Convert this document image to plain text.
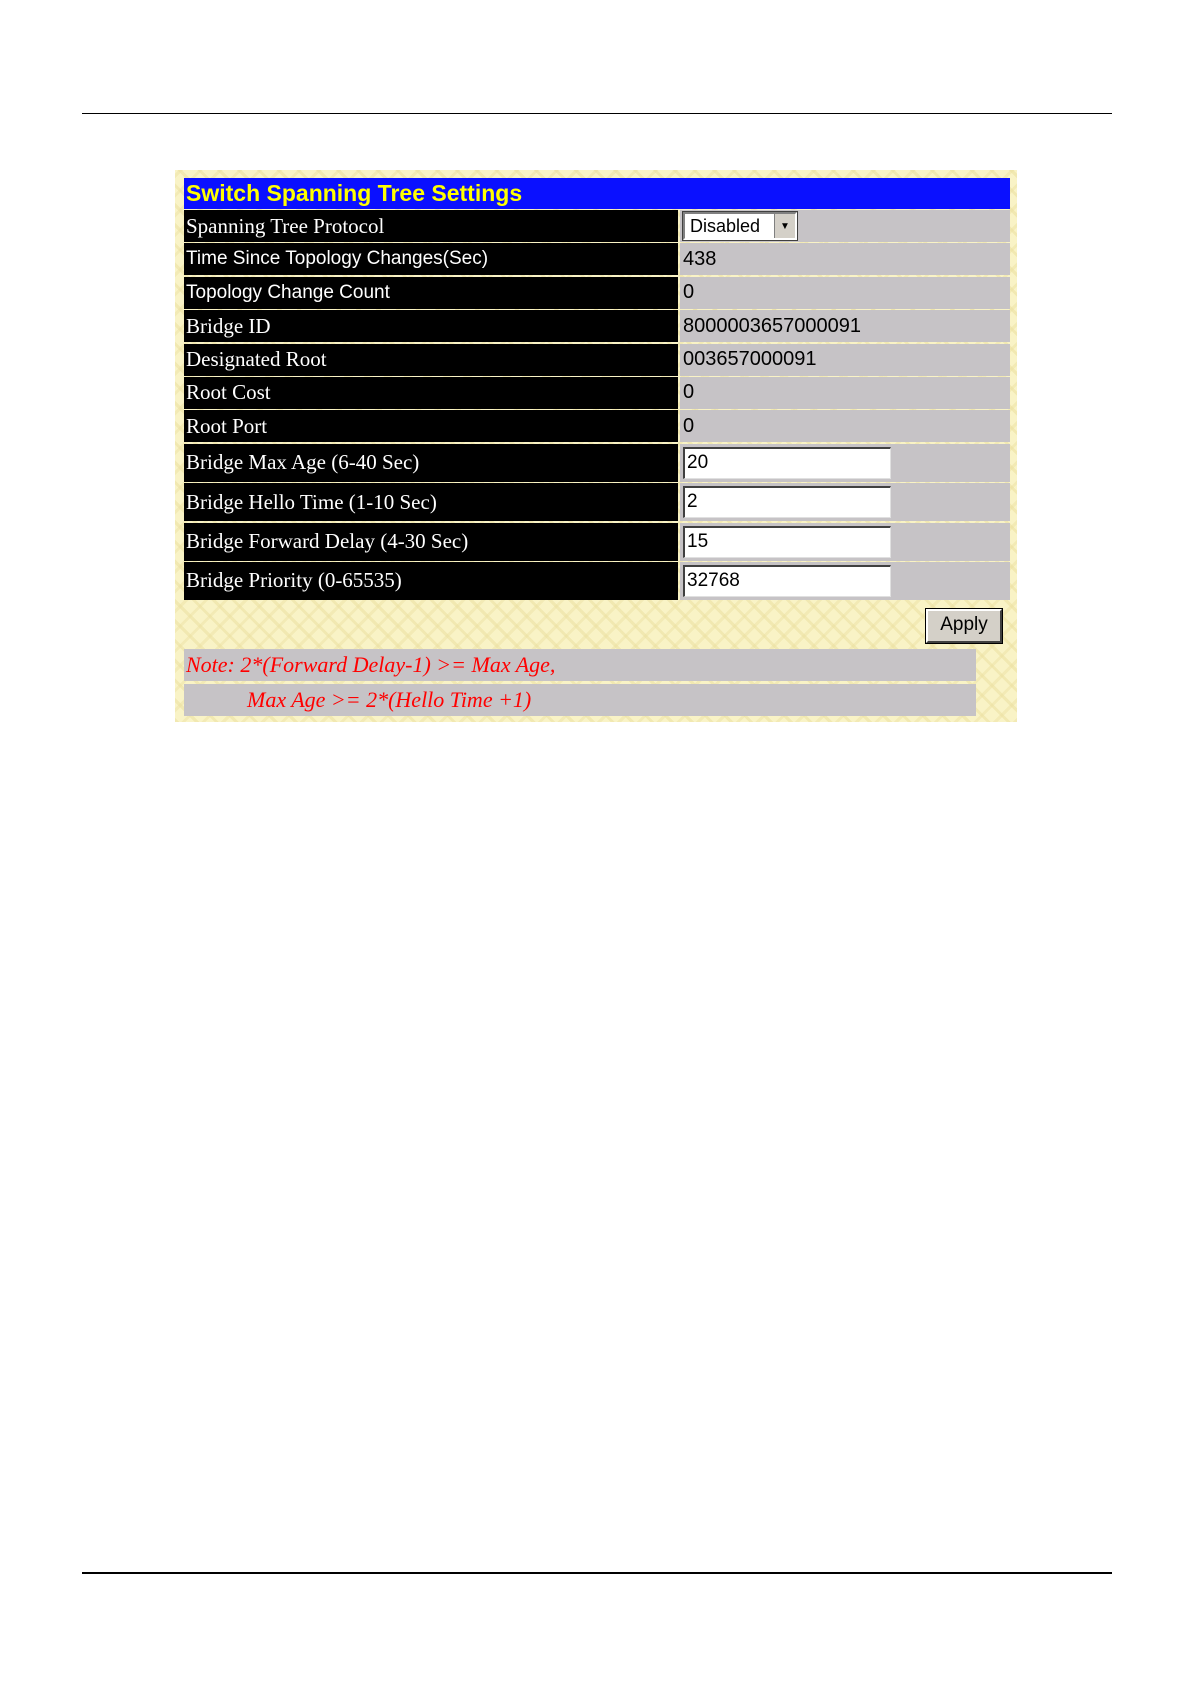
Switch Spanning Tree Settings
Spanning Tree Protocol	Disabled	▼
Time Since Topology Changes(Sec)	438
Topology Change Count	0
Bridge ID	8000003657000091
Designated Root	003657000091
Root Cost	0
Root Port	0
Bridge Max Age (6-40 Sec)	20
Bridge Hello Time (1-10 Sec)	2
Bridge Forward Delay (4-30 Sec)	15
Bridge Priority (0-65535)	32768
Apply
Note: 2*(Forward Delay-1) >= Max Age,
Max Age >= 2*(Hello Time +1)
